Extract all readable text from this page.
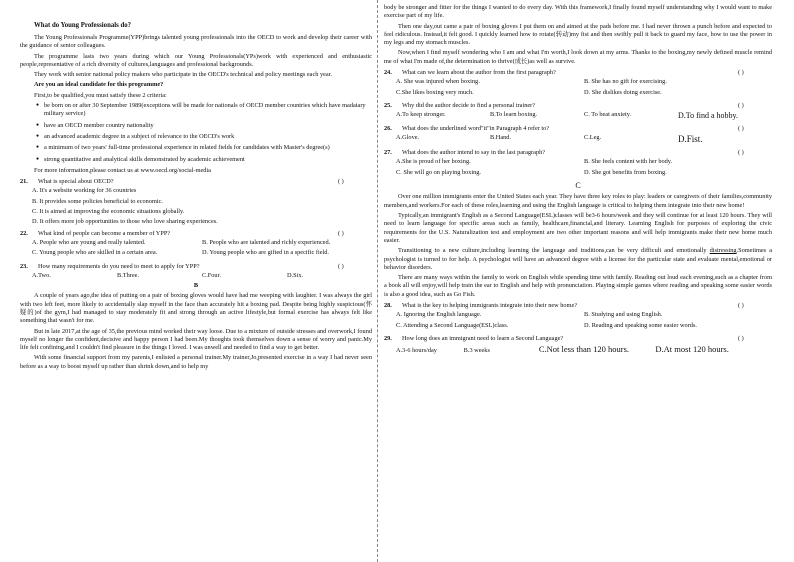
What do Young Professionals do?

The Young Professionals Programme(YPP)brings talented young professionals into the OECD to work and develop their career with the guidance of senior colleagues.

The programme lasts two years during which our Young Professionals(YPs)work with experienced and enthusiastic people,representative of a rich diversity of cultures,languages and professional backgrounds.

They work with senior national policy makers who participate in the OECD's technical and policy meetings each year.

Are you an ideal candidate for this programme?

First,to be qualified,you must satisfy these 2 criteria:

● be born on or after 30 September 1989(exceptions will be made for nationals of OECD member countries which have madatary military service)

● have an OECD member country nationality

● an advanced academic degree in a subject of relevance to the OECD's work

● a minimum of two years' full-time professional experience in related fields for candidates with Master's degree(s)

● strong quantitative and analytical skills demonstrated by academic achievement

For more information,please contact us at www.oecd.org/social-media

21.	What is special about OECD?	( )
A. It's a website working for 36 countries
B. It provides some policies beneficial to economic.
C. It is aimed at improving the economic situations globally.
D. It offers more job opportunities to those who love sharing experiences.
22.	What kind of people can become a member of YPP?	( )
A. People who are young and really talented.	B. People who are talented and richly experienced.
C. Young people who are skilled in a certain area.	D. Young people who are gifted in a specific field.
23.	How many requirements do you need to meet to apply for YPP?	( )
A.Two.	B.Three.	C.Four.	D.Six.

B

A couple of years ago,the idea of putting on a pair of boxing gloves would have had me weeping with laughter. I was always the girl with two left feet, more likely to accidentally slap myself in the face than accurately hit a boxing pad. Despite being highly suspicious(怀疑的)of the gym,I had managed to stay moderately fit and strong through an active lifestyle,but formal exercise has always felt like something that wasn't for me.

But in late 2017,at the age of 35,the previous mind worked their way loose. Due to a mixture of outside stresses and overwork,I found myself no longer the confident,decisive and happy person I had been.My thoughts took themselves down a sense of worry and panic.My life felt confining,and I couldn't find pleasure in the things I loved. I was unwell and needed to find a way to get better.

With some financial support from my parents,I enlisted a personal trainer.My trainer,Jo,presented exercise in a way I had never seen before as a way to boost myself up rather than shrink down,and to help my

body be stronger and fitter for the things I wanted to do every day. With this framework,I finally found myself understanding why I would want to make exercise part of my life.

Then one day,out came a pair of boxing gloves I put them on and aimed at the pads before me. I had never thrown a punch before and expected to feel ridiculous. Instead,it felt good. I quickly learned how to rotate(转动)my fist and then swiftly pull it back to guard my face, how to use the power in my legs and my stomach muscles.

Now,when I find myself wondering who I am and what I'm worth,I look down at my arms. Thanks to the boxing,my newly defined muscle remind me of what I'm made of,the determination to thrive(成长)as well as survive.

24.	What can we learn about the author from the first paragraph?	( )
A. She was injured when boxing.	B. She has no gift for exercising.
C.She likes boxing very much.	D. She dislikes doing exercise.
25.	Why did the author decide to find a personal trainer?	( )
A.To keep stronger.	B.To learn boxing.	C. To beat anxiety.	D.To find a hobby.
26.	What does the underlined word"it"in Paragraph 4 refer to?	( )
A.Glove.	B.Hand.	C.Leg.	D.Fist.
27.	What does the author intend to say in the last paragraph?	( )
A.She is proud of her boxing.	B. She feels content with her body.
C. She will go on playing boxing.	D. She got benefits from boxing.

C

Over one million immigrants enter the United States each year. They have three key roles to play: leaders or caregivers of their families,community members,and workers.For each of these roles,learning and using the English language is critical to helping them integrate into their new home!

Typically,an immigrant's English as a Second Language(ESL)classes will be3-6 hours/week and they will continue for at least 120 hours. They will need to learn language for specific areas such as family, healthcare,financial,and literary. Learning English for purposes of exploring the civic requirements for the U.S. Naturalization test and employment are two other important reasons and will help immigrants make their new home much easier.

Transitioning to a new culture,including learning the language and traditions,can be very difficult and emotionally distressing.Sometimes a psychologist is turned to for help. A psychologist will have an advanced degree with a license for the particular state and evaluate mental,emotional or behavior disorders.

There are many ways within the family to work on English while spending time with family. Reading out loud each evening,such as a chapter from a book all will enjoy,will help train the ear to English and help with pronunciation. Playing simple games where reading and speaking some easier words is also a good idea, such as Go Fish.

28.	What is the key to helping immigrants integrate into their new home?	( )
A. Ignoring the English language.	B. Studying and using English.
C. Attending a Second Language(ESL)class.	D. Reading and speaking some easier words.
29.	How long does an immigrant need to learn a Second Language?	( )
A.3-6 hours/day	B.3 weeks	C.Not less than 120 hours.	D.At most 120 hours.
